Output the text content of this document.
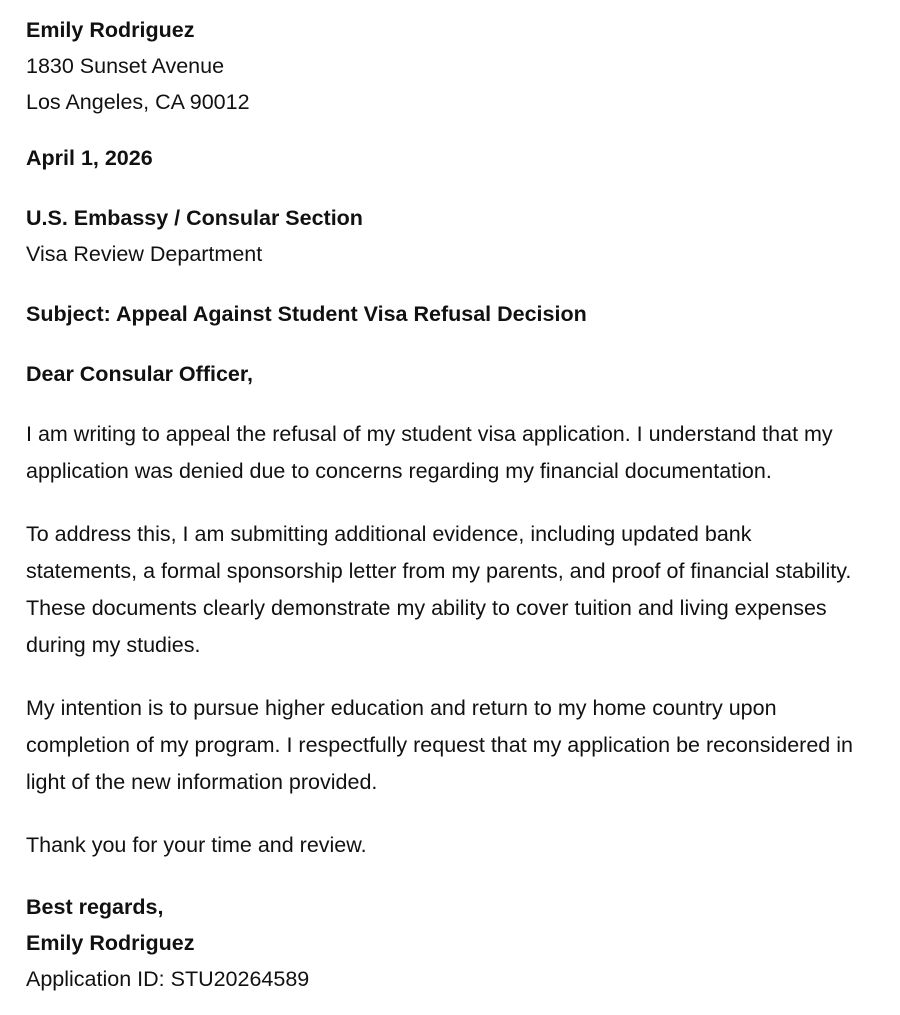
Emily Rodriguez
1830 Sunset Avenue
Los Angeles, CA 90012
April 1, 2026
U.S. Embassy / Consular Section
Visa Review Department
Subject: Appeal Against Student Visa Refusal Decision
Dear Consular Officer,

I am writing to appeal the refusal of my student visa application. I understand that my application was denied due to concerns regarding my financial documentation.

To address this, I am submitting additional evidence, including updated bank statements, a formal sponsorship letter from my parents, and proof of financial stability. These documents clearly demonstrate my ability to cover tuition and living expenses during my studies.

My intention is to pursue higher education and return to my home country upon completion of my program. I respectfully request that my application be reconsidered in light of the new information provided.

Thank you for your time and review.
Best regards,
Emily Rodriguez
Application ID: STU20264589
